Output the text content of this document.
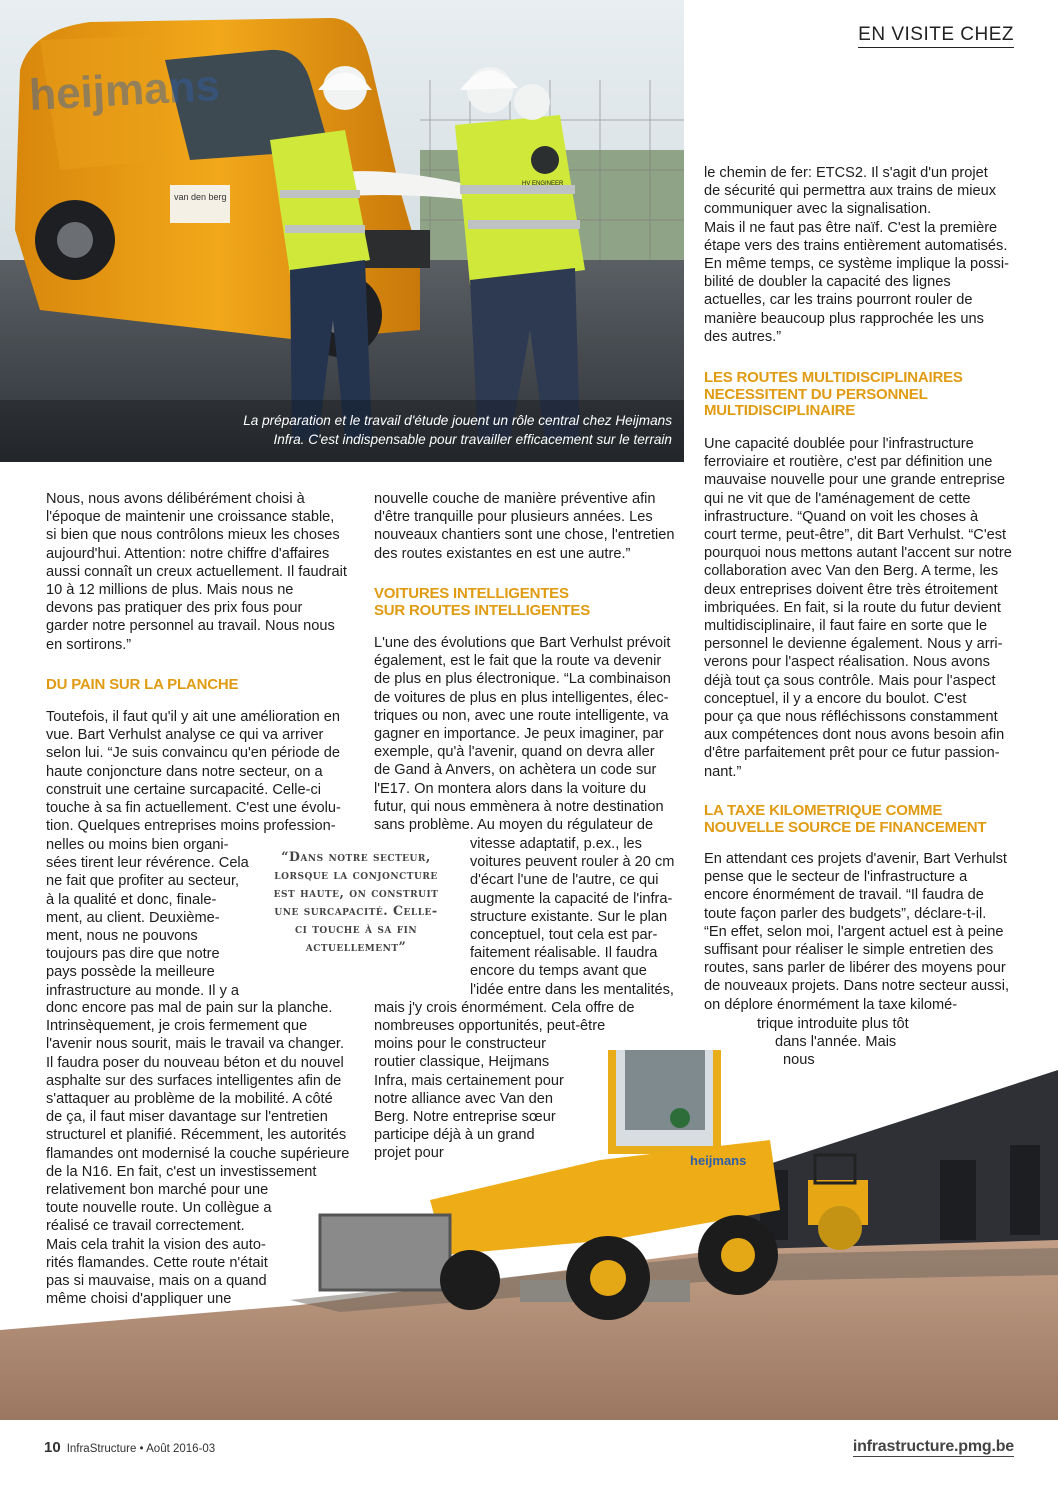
EN VISITE CHEZ
heijmans
van den berg
HV ENGINEER
La préparation et le travail d'étude jouent un rôle central chez Heijmans
Infra. C'est indispensable pour travailler efficacement sur le terrain
heijmans
Nous, nous avons délibérément choisi à
l'époque de maintenir une croissance stable,
si bien que nous contrôlons mieux les choses
aujourd'hui. Attention: notre chiffre d'affaires
aussi connaît un creux actuellement. Il faudrait
10 à 12 millions de plus. Mais nous ne
devons pas pratiquer des prix fous pour
garder notre personnel au travail. Nous nous
en sortirons.”
DU PAIN SUR LA PLANCHE
Toutefois, il faut qu'il y ait une amélioration en
vue. Bart Verhulst analyse ce qui va arriver
selon lui. “Je suis convaincu qu'en période de
haute conjoncture dans notre secteur, on a
construit une certaine surcapacité. Celle-ci
touche à sa fin actuellement. C'est une évolu-
tion. Quelques entreprises moins profession-
nelles ou moins bien organi-
sées tirent leur révérence. Cela
ne fait que profiter au secteur,
à la qualité et donc, finale-
ment, au client. Deuxième-
ment, nous ne pouvons
toujours pas dire que notre
pays possède la meilleure
infrastructure au monde. Il y a
donc encore pas mal de pain sur la planche.
Intrinsèquement, je crois fermement que
l'avenir nous sourit, mais le travail va changer.
Il faudra poser du nouveau béton et du nouvel
asphalte sur des surfaces intelligentes afin de
s'attaquer au problème de la mobilité. A côté
de ça, il faut miser davantage sur l'entretien
structurel et planifié. Récemment, les autorités
flamandes ont modernisé la couche supérieure
de la N16. En fait, c'est un investissement
relativement bon marché pour une
toute nouvelle route. Un collègue a
réalisé ce travail correctement.
Mais cela trahit la vision des auto-
rités flamandes. Cette route n'était
pas si mauvaise, mais on a quand
même choisi d'appliquer une
“Dans notre secteur,
lorsque la conjoncture
est haute, on construit
une surcapacité. Celle-
ci touche à sa fin
actuellement”
nouvelle couche de manière préventive afin
d'être tranquille pour plusieurs années. Les
nouveaux chantiers sont une chose, l'entretien
des routes existantes en est une autre.”
VOITURES INTELLIGENTES
SUR ROUTES INTELLIGENTES
L'une des évolutions que Bart Verhulst prévoit
également, est le fait que la route va devenir
de plus en plus électronique. “La combinaison
de voitures de plus en plus intelligentes, élec-
triques ou non, avec une route intelligente, va
gagner en importance. Je peux imaginer, par
exemple, qu'à l'avenir, quand on devra aller
de Gand à Anvers, on achètera un code sur
l'E17. On montera alors dans la voiture du
futur, qui nous emmènera à notre destination
sans problème. Au moyen du régulateur de
vitesse adaptatif, p.ex., les
voitures peuvent rouler à 20 cm
d'écart l'une de l'autre, ce qui
augmente la capacité de l'infra-
structure existante. Sur le plan
conceptuel, tout cela est par-
faitement réalisable. Il faudra
encore du temps avant que
l'idée entre dans les mentalités,
mais j'y crois énormément. Cela offre de
nombreuses opportunités, peut-être
moins pour le constructeur
routier classique, Heijmans
Infra, mais certainement pour
notre alliance avec Van den
Berg. Notre entreprise sœur
participe déjà à un grand
projet pour
le chemin de fer: ETCS2. Il s'agit d'un projet
de sécurité qui permettra aux trains de mieux
communiquer avec la signalisation.
Mais il ne faut pas être naïf. C'est la première
étape vers des trains entièrement automatisés.
En même temps, ce système implique la possi-
bilité de doubler la capacité des lignes
actuelles, car les trains pourront rouler de
manière beaucoup plus rapprochée les uns
des autres.”
LES ROUTES MULTIDISCIPLINAIRES
NECESSITENT DU PERSONNEL
MULTIDISCIPLINAIRE
Une capacité doublée pour l'infrastructure
ferroviaire et routière, c'est par définition une
mauvaise nouvelle pour une grande entreprise
qui ne vit que de l'aménagement de cette
infrastructure. “Quand on voit les choses à
court terme, peut-être”, dit Bart Verhulst. “C'est
pourquoi nous mettons autant l'accent sur notre
collaboration avec Van den Berg. A terme, les
deux entreprises doivent être très étroitement
imbriquées. En fait, si la route du futur devient
multidisciplinaire, il faut faire en sorte que le
personnel le devienne également. Nous y arri-
verons pour l'aspect réalisation. Nous avons
déjà tout ça sous contrôle. Mais pour l'aspect
conceptuel, il y a encore du boulot. C'est
pour ça que nous réfléchissons constamment
aux compétences dont nous avons besoin afin
d'être parfaitement prêt pour ce futur passion-
nant.”
LA TAXE KILOMETRIQUE COMME
NOUVELLE SOURCE DE FINANCEMENT
En attendant ces projets d'avenir, Bart Verhulst
pense que le secteur de l'infrastructure a
encore énormément de travail. “Il faudra de
toute façon parler des budgets”, déclare-t-il.
“En effet, selon moi, l'argent actuel est à peine
suffisant pour réaliser le simple entretien des
routes, sans parler de libérer des moyens pour
de nouveaux projets. Dans notre secteur aussi,
on déplore énormément la taxe kilomé-
trique introduite plus tôt
dans l'année. Mais
nous
10 InfraStructure • Août 2016-03	infrastructure.pmg.be
